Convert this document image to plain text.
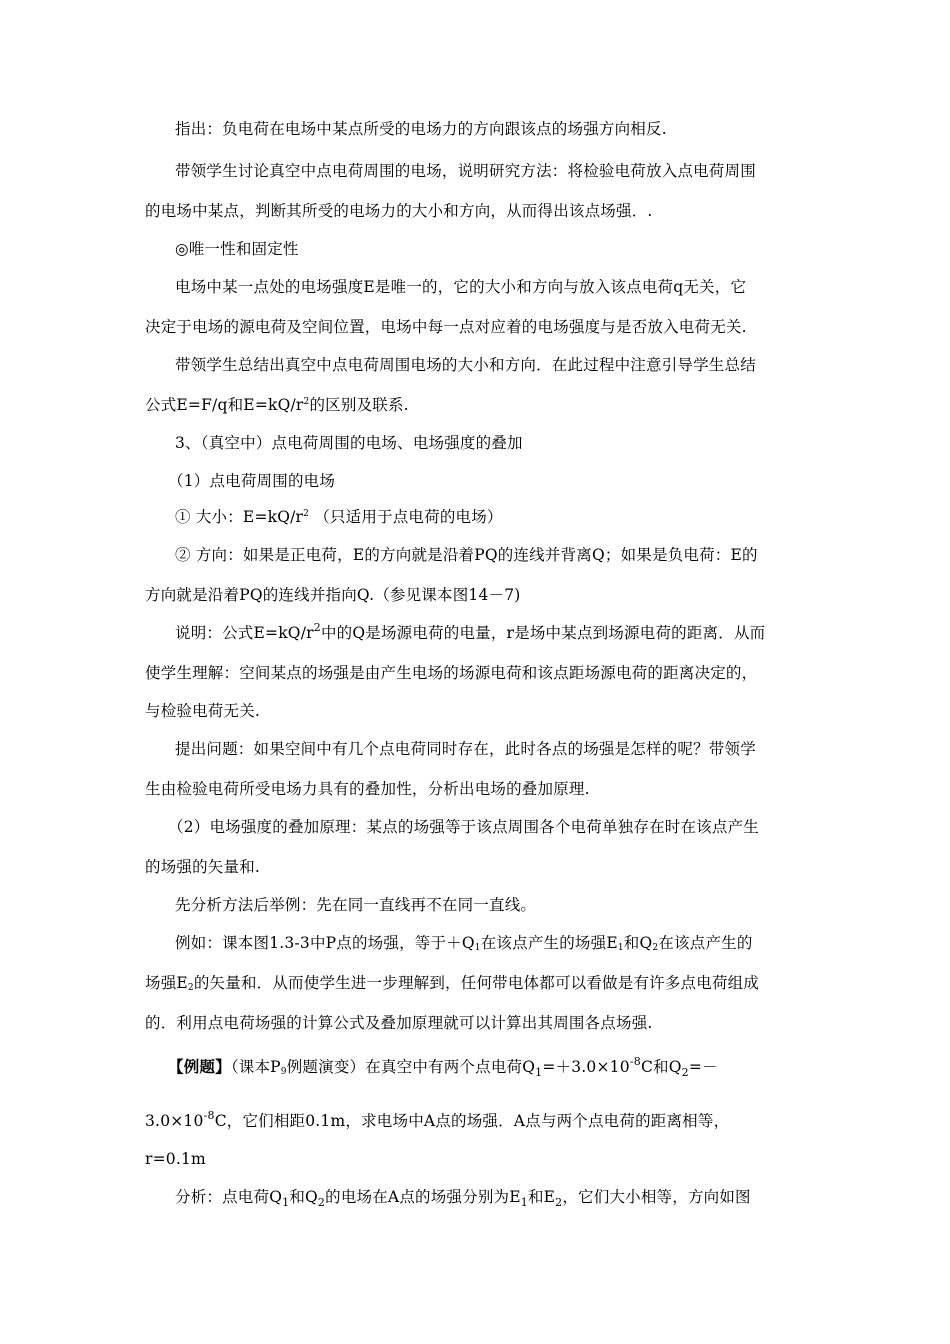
指出：负电荷在电场中某点所受的电场力的方向跟该点的场强方向相反.
带领学生讨论真空中点电荷周围的电场，说明研究方法：将检验电荷放入点电荷周围
的电场中某点，判断其所受的电场力的大小和方向，从而得出该点场强．.
◎唯一性和固定性
电场中某一点处的电场强度E是唯一的，它的大小和方向与放入该点电荷q无关，它
决定于电场的源电荷及空间位置，电场中每一点对应着的电场强度与是否放入电荷无关.
带领学生总结出真空中点电荷周围电场的大小和方向．在此过程中注意引导学生总结
公式E=F/q和$E=kQ/r^2$的区别及联系.
3、（真空中）点电荷周围的电场、电场强度的叠加
（1）点电荷周围的电场
① 大小：$E=kQ/r^2$ （只适用于点电荷的电场）
② 方向：如果是正电荷，E的方向就是沿着PQ的连线并背离Q；如果是负电荷：E的
方向就是沿着PQ的连线并指向Q.（参见课本图14－7)
说明：公式$E=kQ/r^2$中的Q是场源电荷的电量，r是场中某点到场源电荷的距离．从而
使学生理解：空间某点的场强是由产生电场的场源电荷和该点距场源电荷的距离决定的，
与检验电荷无关.
提出问题：如果空间中有几个点电荷同时存在，此时各点的场强是怎样的呢？带领学
生由检验电荷所受电场力具有的叠加性，分析出电场的叠加原理.
（2）电场强度的叠加原理：某点的场强等于该点周围各个电荷单独存在时在该点产生
的场强的矢量和.
先分析方法后举例：先在同一直线再不在同一直线。
例如：课本图1.3-3中P点的场强，等于$+Q_1$在该点产生的场强$E_1$和$Q_2$在该点产生的
场强$E_2$的矢量和．从而使学生进一步理解到，任何带电体都可以看做是有许多点电荷组成
的．利用点电荷场强的计算公式及叠加原理就可以计算出其周围各点场强.
【例题】（课本$P_9$例题演变）在真空中有两个点电荷$Q_1=+3.0\times 10^{-8}C$和$Q_2=-$
$3.0\times 10^{-8}C$，它们相距0.1m，求电场中A点的场强．A点与两个点电荷的距离相等，
r=0.1m
分析：点电荷$Q_1$和$Q_2$的电场在A点的场强分别为$E_1$和$E_2$，它们大小相等，方向如图
